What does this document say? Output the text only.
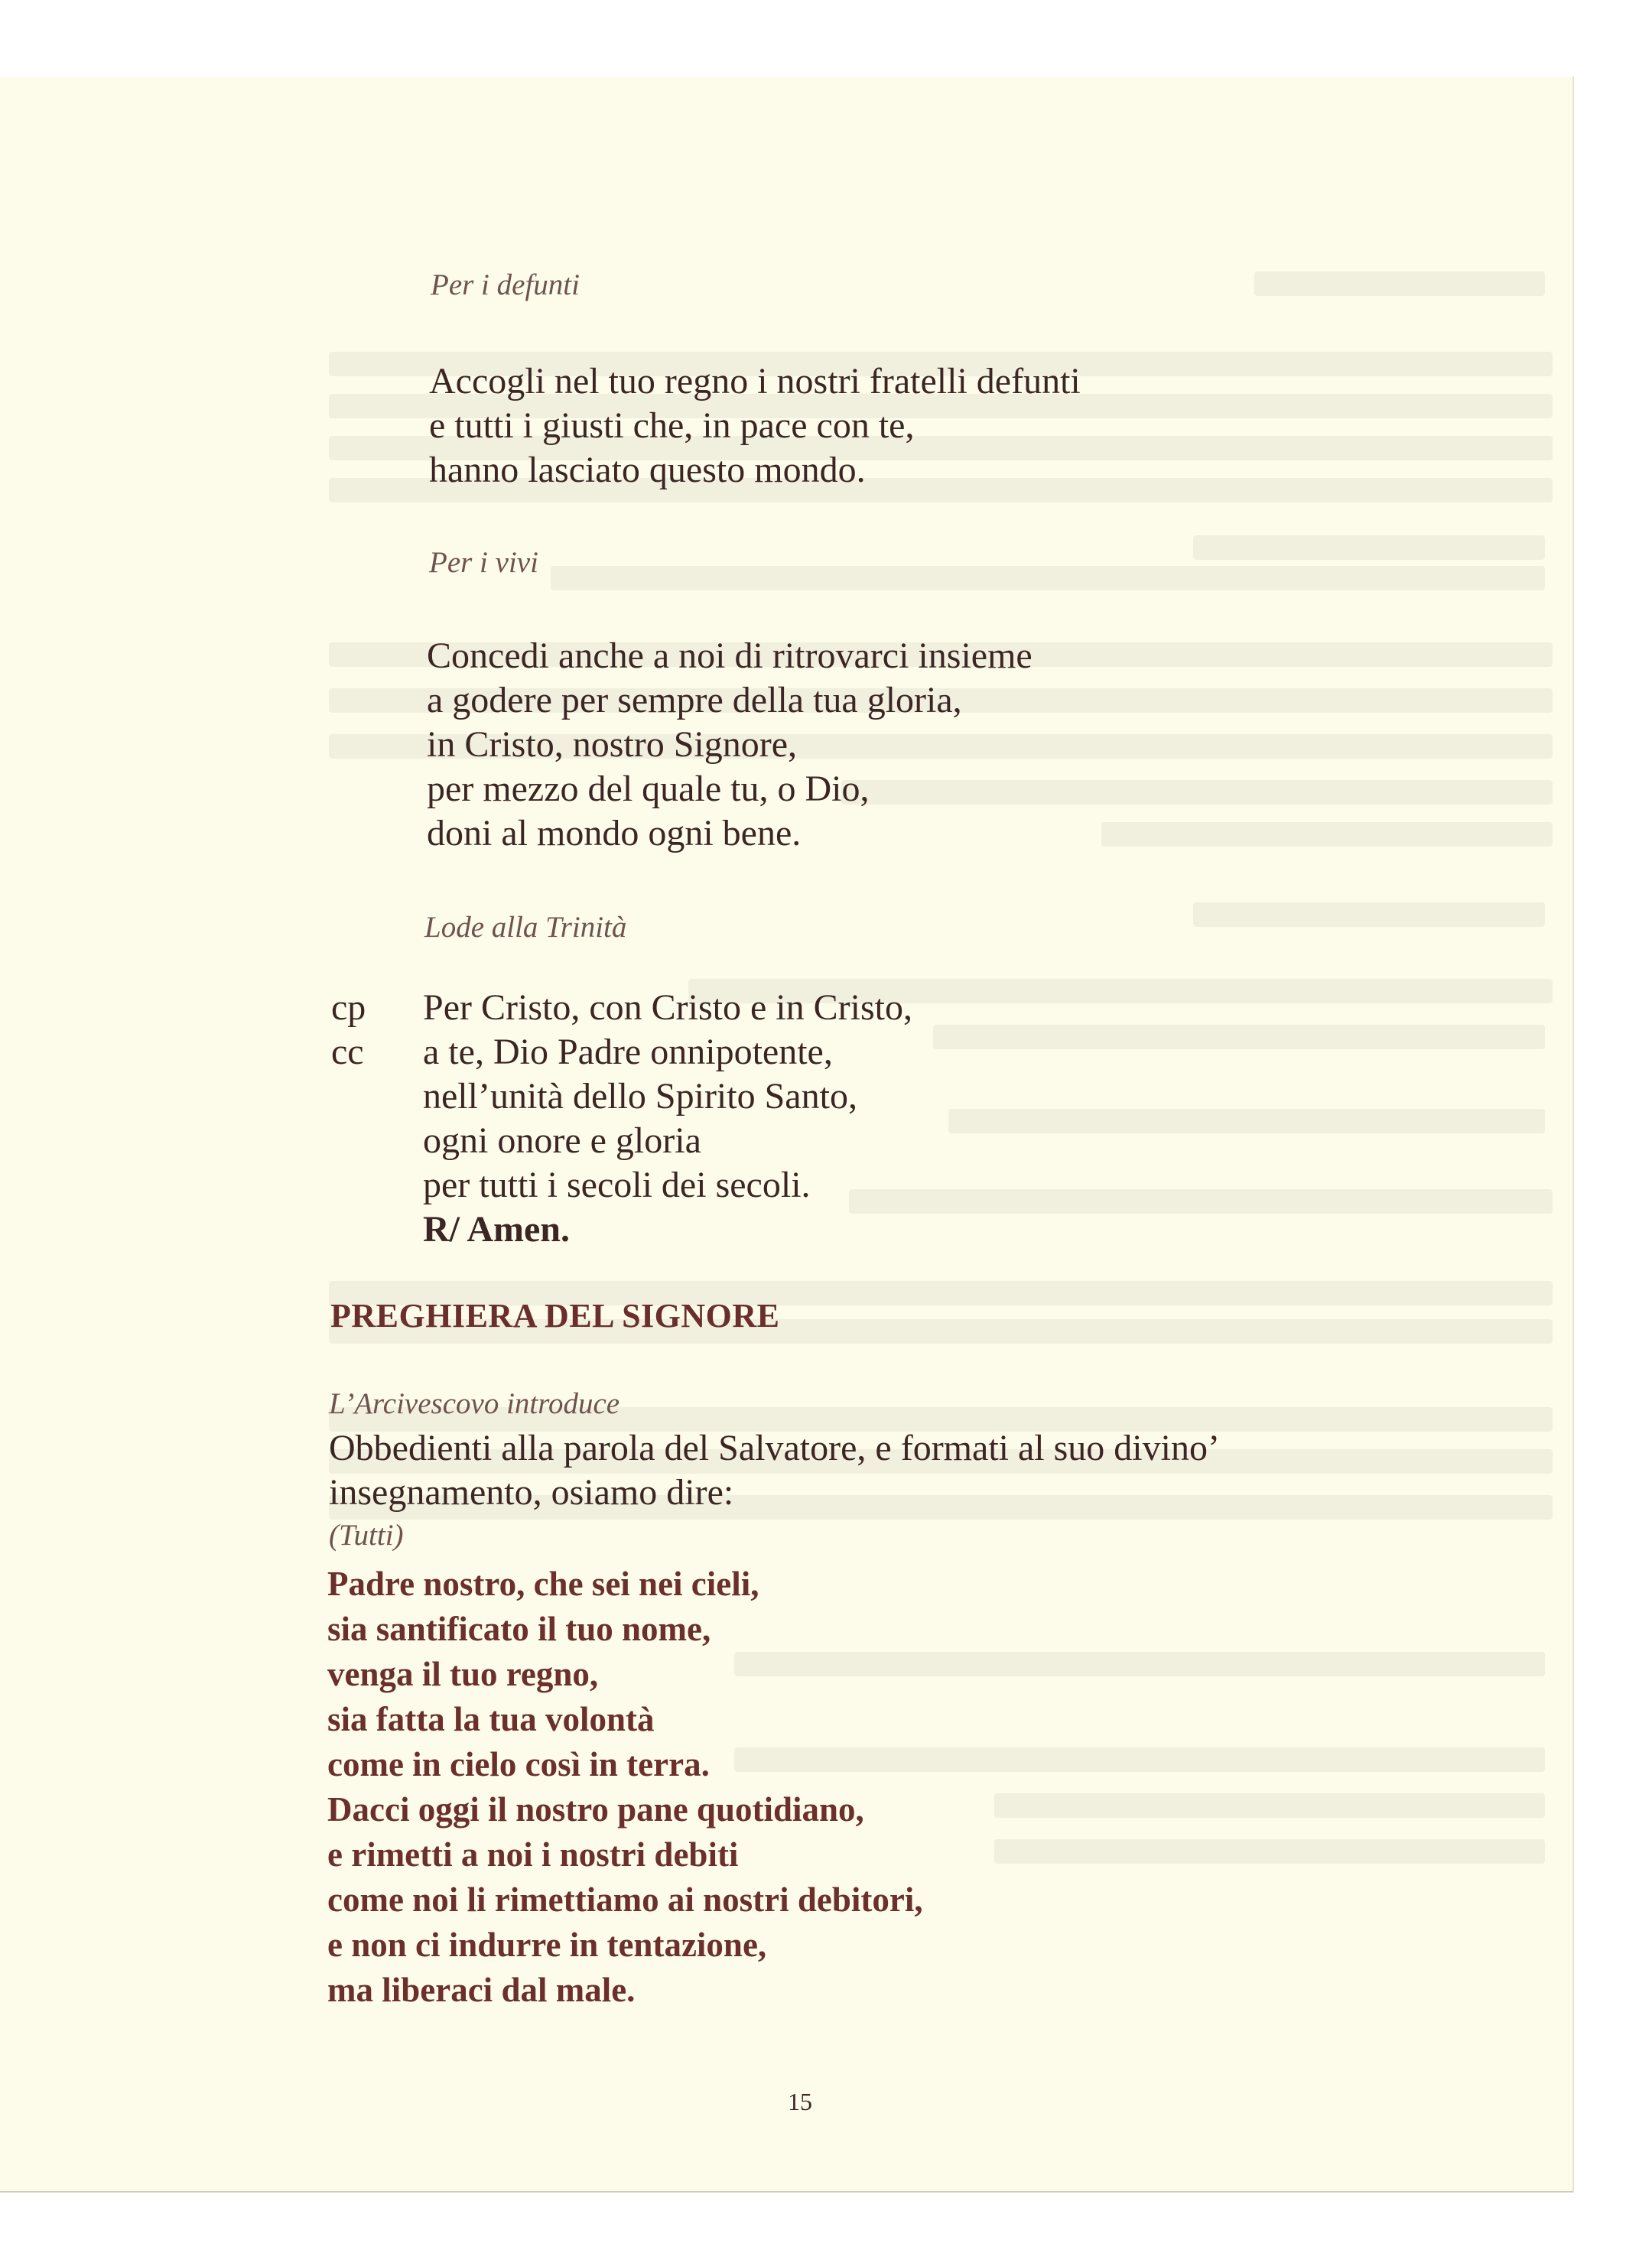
Per i defunti
Accogli nel tuo regno i nostri fratelli defunti
e tutti i giusti che, in pace con te,
hanno lasciato questo mondo.
Per i vivi
Concedi anche a noi di ritrovarci insieme
a godere per sempre della tua gloria,
in Cristo, nostro Signore,
per mezzo del quale tu, o Dio,
doni al mondo ogni bene.
Lode alla Trinità
cp
cc
Per Cristo, con Cristo e in Cristo,
a te, Dio Padre onnipotente,
nell’unità dello Spirito Santo,
ogni onore e gloria
per tutti i secoli dei secoli.
R/ Amen.
PREGHIERA DEL SIGNORE
L’Arcivescovo introduce
Obbedienti alla parola del Salvatore, e formati al suo divino’
insegnamento, osiamo dire:
(Tutti)
Padre nostro, che sei nei cieli,
sia santificato il tuo nome,
venga il tuo regno,
sia fatta la tua volontà
come in cielo così in terra.
Dacci oggi il nostro pane quotidiano,
e rimetti a noi i nostri debiti
come noi li rimettiamo ai nostri debitori,
e non ci indurre in tentazione,
ma liberaci dal male.
15
